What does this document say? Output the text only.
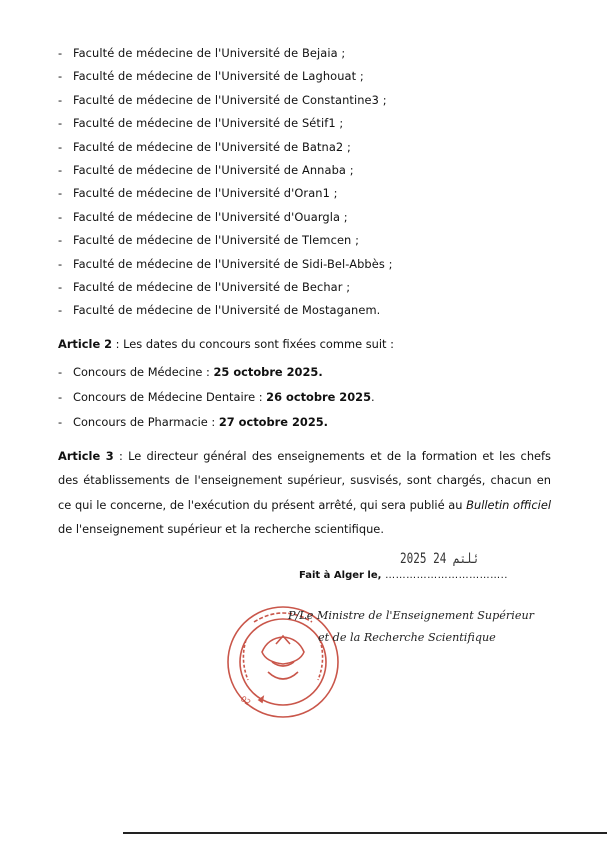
- Faculté de médecine de l'Université de Bejaia ;
- Faculté de médecine de l'Université de Laghouat ;
- Faculté de médecine de l'Université de Constantine3 ;
- Faculté de médecine de l'Université de Sétif1 ;
- Faculté de médecine de l'Université de Batna2 ;
- Faculté de médecine de l'Université de Annaba ;
- Faculté de médecine de l'Université d'Oran1 ;
- Faculté de médecine de l'Université d'Ouargla ;
- Faculté de médecine de l'Université de Tlemcen ;
- Faculté de médecine de l'Université de Sidi-Bel-Abbès ;
- Faculté de médecine de l'Université de Bechar ;
- Faculté de médecine de l'Université de Mostaganem.
Article 2 : Les dates du concours sont fixées comme suit :
- Concours de Médecine : 25 octobre 2025.
- Concours de Médecine Dentaire : 26 octobre 2025.
- Concours de Pharmacie : 27 octobre 2025.
Article 3 : Le directeur général des enseignements et de la formation et les chefs des établissements de l'enseignement supérieur, susvisés, sont chargés, chacun en ce qui le concerne, de l'exécution du présent arrêté, qui sera publié au Bulletin officiel de l'enseignement supérieur et la recherche scientifique.
2025 ئلتم 24
Fait à Alger le, ……………………………..
02
P/Le Ministre de l'Enseignement Supérieur
et de la Recherche Scientifique
